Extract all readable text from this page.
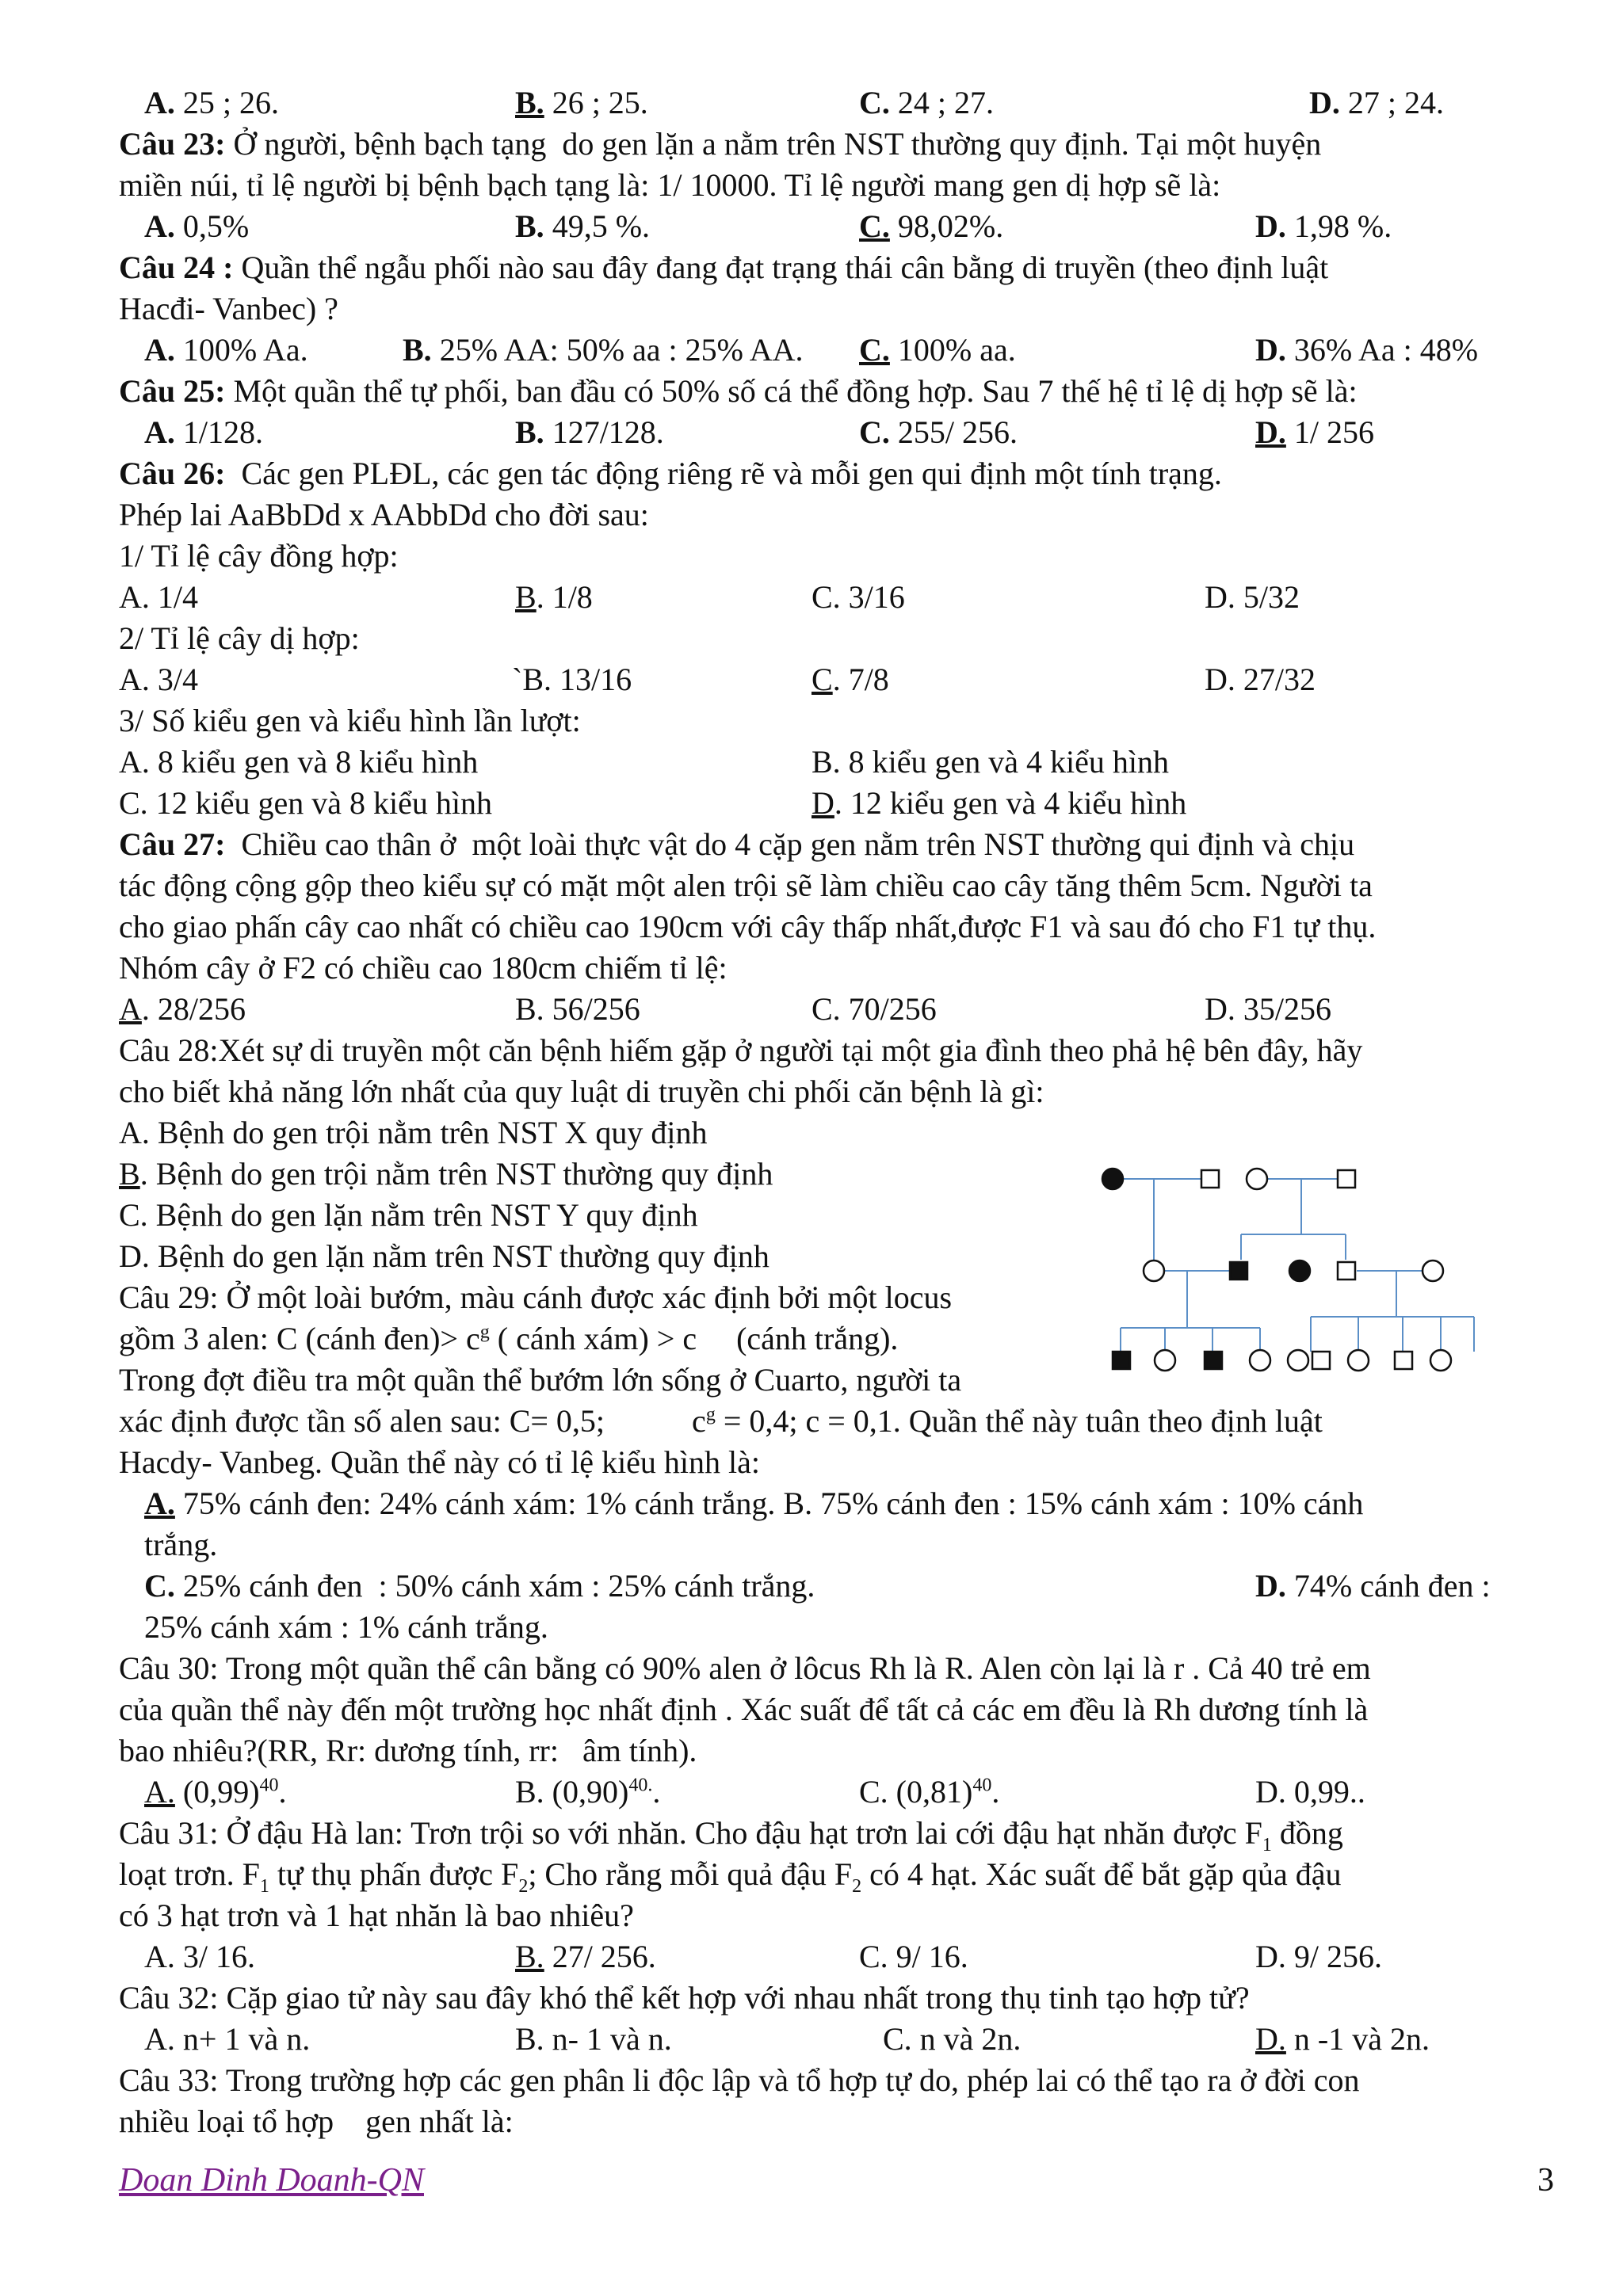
A. 25 ; 26.

	B. 26 ; 25.

	C. 24 ; 27.

	D. 27 ; 24.

Câu 23: Ở người, bệnh bạch tạng  do gen lặn a nằm trên NST thường quy định. Tại một huyện
miền núi, tỉ lệ người bị bệnh bạch tạng là: 1/ 10000. Tỉ lệ người mang gen dị hợp sẽ là:

A. 0,5%

	B. 49,5 %.

	C. 98,02%.

	D. 1,98 %.

Câu 24 : Quần thể ngẫu phối nào sau đây đang đạt trạng thái cân bằng di truyền (theo định luật
Hacđi- Vanbec) ?

A. 100% Aa.

	B. 25% AA: 50% aa : 25% AA.

C. 100% aa.

	D. 36% Aa : 48%

Câu 25: Một quần thể tự phối, ban đầu có 50% số cá thể đồng hợp. Sau 7 thế hệ tỉ lệ dị hợp sẽ là:

A. 1/128.

	B. 127/128.

	C. 255/ 256.

	D. 1/ 256

Câu 26:  Các gen PLĐL, các gen tác động riêng rẽ và mỗi gen qui định một tính trạng.
Phép lai AaBbDd x AAbbDd cho đời sau:
1/ Tỉ lệ cây đồng hợp:

A. 1/4

	B. 1/8

	C. 3/16

	D. 5/32

2/ Tỉ lệ cây dị hợp:

A. 3/4

	`B. 13/16

	C. 7/8

	D. 27/32

3/ Số kiểu gen và kiểu hình lần lượt:

A. 8 kiểu gen và 8 kiểu hình

	B. 8 kiểu gen và 4 kiểu hình

C. 12 kiểu gen và 8 kiểu hình

	D. 12 kiểu gen và 4 kiểu hình

Câu 27:  Chiều cao thân ở  một loài thực vật do 4 cặp gen nằm trên NST thường qui định và chịu
tác động cộng gộp theo kiểu sự có mặt một alen trội sẽ làm chiều cao cây tăng thêm 5cm. Người ta
cho giao phấn cây cao nhất có chiều cao 190cm với cây thấp nhất,được F1 và sau đó cho F1 tự thụ.
Nhóm cây ở F2 có chiều cao 180cm chiếm tỉ lệ:

A. 28/256

	B. 56/256

	C. 70/256

	D. 35/256

Câu 28:Xét sự di truyền một căn bệnh hiếm gặp ở người tại một gia đình theo phả hệ bên đây, hãy
cho biết khả năng lớn nhất của quy luật di truyền chi phối căn bệnh là gì:
A. Bệnh do gen trội nằm trên NST X quy định
B. Bệnh do gen trội nằm trên NST thường quy định
C. Bệnh do gen lặn nằm trên NST Y quy định
D. Bệnh do gen lặn nằm trên NST thường quy định
Câu 29: Ở một loài bướm, màu cánh được xác định bởi một locus
gồm 3 alen: C (cánh đen)> $c^g$ ( cánh xám) > c     (cánh trắng).
Trong đợt điều tra một quần thể bướm lớn sống ở Cuarto, người ta
xác định được tần số alen sau: C= 0,5;           $c^g = 0,4$; c = 0,1. Quần thể này tuân theo định luật
Hacdy- Vanbeg. Quần thể này có tỉ lệ kiểu hình là:
A. 75% cánh đen: 24% cánh xám: 1% cánh trắng. B. 75% cánh đen : 15% cánh xám : 10% cánh
trắng.

C. 25% cánh đen  : 50% cánh xám : 25% cánh trắng.

	D. 74% cánh đen :

25% cánh xám : 1% cánh trắng.
Câu 30: Trong một quần thể cân bằng có 90% alen ở lôcus Rh là R. Alen còn lại là r . Cả 40 trẻ em
của quần thể này đến một trường học nhất định . Xác suất để tất cả các em đều là Rh dương tính là
bao nhiêu?(RR, Rr: dương tính, rr:   âm tính).

A. $(0,99)^{40}$.

	B. $(0,90)^{40.}$.

	C. $(0,81)^{40}$.

	D. 0,99..

Câu 31: Ở đậu Hà lan: Trơn trội so với nhăn. Cho đậu hạt trơn lai cới đậu hạt nhăn được $F_1$ đồng
loạt trơn. $F_1$ tự thụ phấn được $F_2$; Cho rằng mỗi quả đậu $F_2$ có 4 hạt. Xác suất để bắt gặp qủa đậu
có 3 hạt trơn và 1 hạt nhăn là bao nhiêu?

A. 3/ 16.

	B. 27/ 256.

	C. 9/ 16.

	D. 9/ 256.

Câu 32: Cặp giao tử này sau đây khó thể kết hợp với nhau nhất trong thụ tinh tạo hợp tử?

A. n+ 1 và n.

	B. n- 1 và n.

	C. n và 2n.

	D. n -1 và 2n.

Câu 33: Trong trường hợp các gen phân li độc lập và tổ hợp tự do, phép lai có thể tạo ra ở đời con
nhiều loại tổ hợp    gen nhất là:
Doan Dinh Doanh-QN	3
